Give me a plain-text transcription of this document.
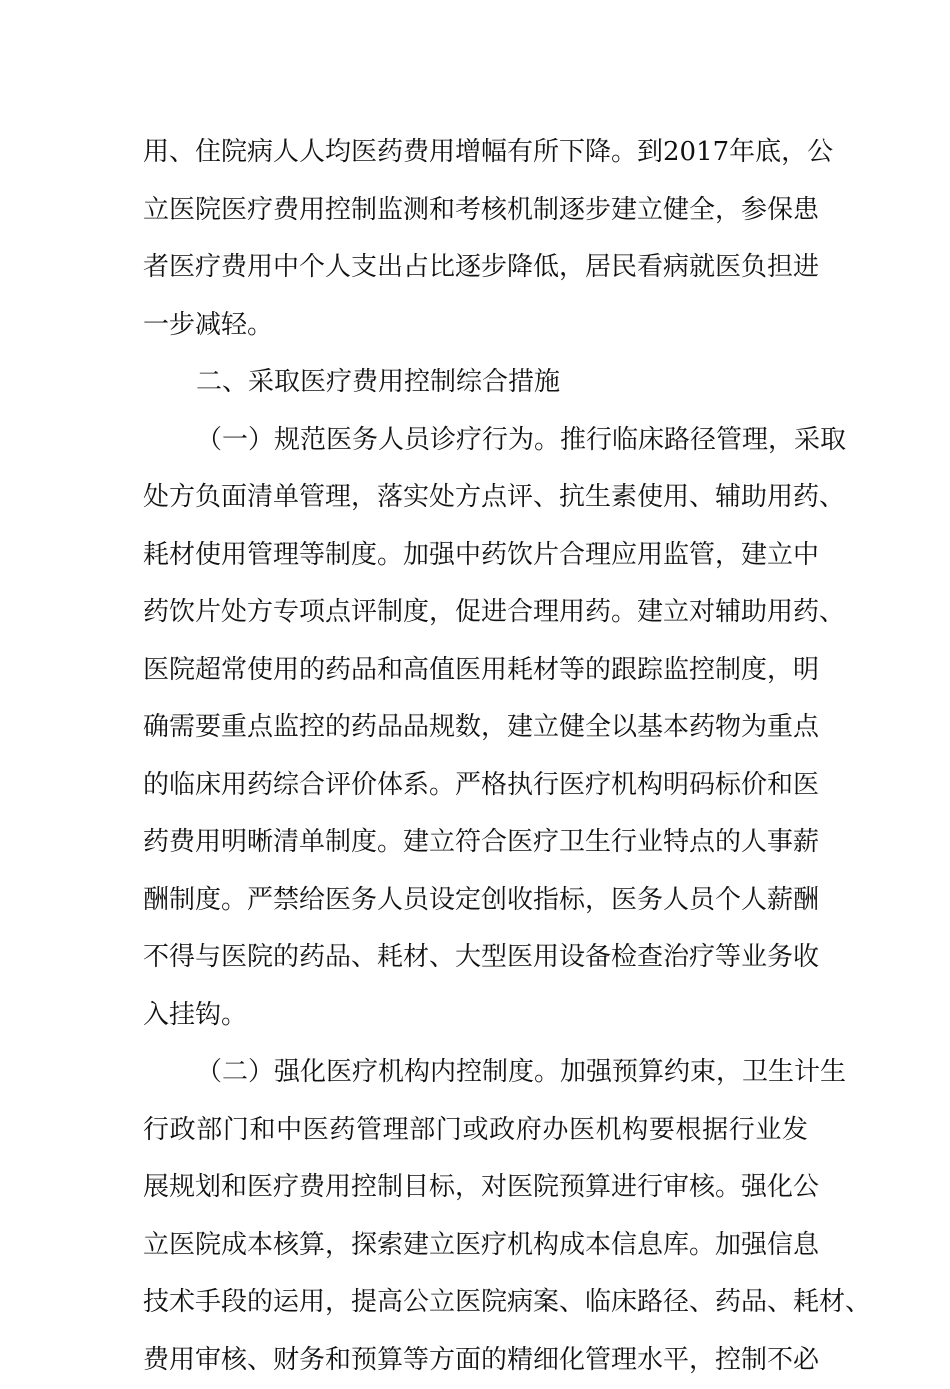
用、住院病人人均医药费用增幅有所下降。到2017年底，公
立医院医疗费用控制监测和考核机制逐步建立健全，参保患
者医疗费用中个人支出占比逐步降低，居民看病就医负担进
一步减轻。
二、采取医疗费用控制综合措施
（一）规范医务人员诊疗行为。推行临床路径管理，采取
处方负面清单管理，落实处方点评、抗生素使用、辅助用药、
耗材使用管理等制度。加强中药饮片合理应用监管，建立中
药饮片处方专项点评制度，促进合理用药。建立对辅助用药、
医院超常使用的药品和高值医用耗材等的跟踪监控制度，明
确需要重点监控的药品品规数，建立健全以基本药物为重点
的临床用药综合评价体系。严格执行医疗机构明码标价和医
药费用明晰清单制度。建立符合医疗卫生行业特点的人事薪
酬制度。严禁给医务人员设定创收指标，医务人员个人薪酬
不得与医院的药品、耗材、大型医用设备检查治疗等业务收
入挂钩。
（二）强化医疗机构内控制度。加强预算约束，卫生计生
行政部门和中医药管理部门或政府办医机构要根据行业发
展规划和医疗费用控制目标，对医院预算进行审核。强化公
立医院成本核算，探索建立医疗机构成本信息库。加强信息
技术手段的运用，提高公立医院病案、临床路径、药品、耗材、
费用审核、财务和预算等方面的精细化管理水平，控制不必
